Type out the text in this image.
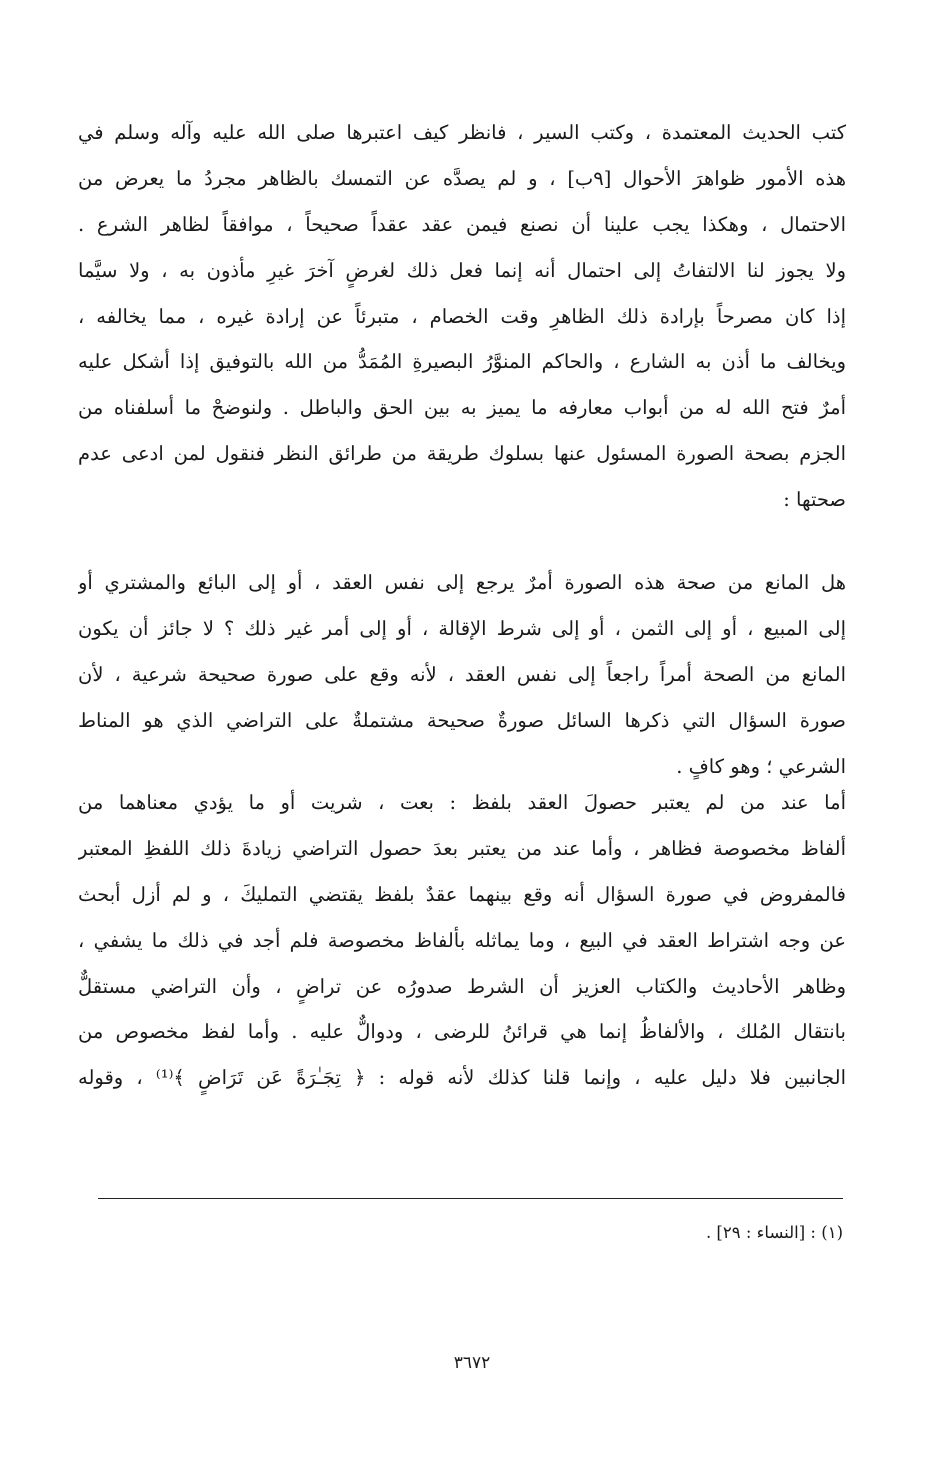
كتب الحديث المعتمدة ، وكتب السير ، فانظر كيف اعتبرها صلى الله عليه وآله وسلم في
هذه الأمور ظواهرَ الأحوال [٩ب] ، و لم يصدَّه عن التمسك بالظاهر مجردُ ما يعرض من
الاحتمال ، وهكذا يجب علينا أن نصنع فيمن عقد عقداً صحيحاً ، موافقاً لظاهر الشرع .
ولا يجوز لنا الالتفاتُ إلى احتمال أنه إنما فعل ذلك لغرضٍ آخرَ غيرِ مأذون به ، ولا سيَّما
إذا كان مصرحاً بإرادة ذلك الظاهرِ وقت الخصام ، متبرئاً عن إرادة غيره ، مما يخالفه ،
ويخالف ما أذن به الشارع ، والحاكم المنوَّرُ البصيرةِ المُمَدُّ من الله بالتوفيق إذا أشكل عليه
أمرٌ فتح الله له من أبواب معارفه ما يميز به بين الحق والباطل . ولنوضحْ ما أسلفناه من
الجزم بصحة الصورة المسئول عنها بسلوك طريقة من طرائق النظر فنقول لمن ادعى عدم
صحتها :
هل المانع من صحة هذه الصورة أمرٌ يرجع إلى نفس العقد ، أو إلى البائع والمشتري أو
إلى المبيع ، أو إلى الثمن ، أو إلى شرط الإقالة ، أو إلى أمر غير ذلك ؟ لا جائز أن يكون
المانع من الصحة أمراً راجعاً إلى نفس العقد ، لأنه وقع على صورة صحيحة شرعية ، لأن
صورة السؤال التي ذكرها السائل صورةٌ صحيحة مشتملةٌ على التراضي الذي هو المناط
الشرعي ؛ وهو كافٍ .
أما عند من لم يعتبر حصولَ العقد بلفظ : بعت ، شريت أو ما يؤدي معناهما من
ألفاظ مخصوصة فظاهر ، وأما عند من يعتبر بعدَ حصول التراضي زيادةَ ذلك اللفظِ المعتبر
فالمفروض في صورة السؤال أنه وقع بينهما عقدٌ بلفظ يقتضي التمليكَ ، و لم أزل أبحث
عن وجه اشتراط العقد في البيع ، وما يماثله بألفاظ مخصوصة فلم أجد في ذلك ما يشفي ،
وظاهر الأحاديث والكتاب العزيز أن الشرط صدورُه عن تراضٍ ، وأن التراضي مستقلٌّ
بانتقال المُلك ، والألفاظُ إنما هي قرائنُ للرضى ، ودوالٌّ عليه . وأما لفظ مخصوص من
الجانبين فلا دليل عليه ، وإنما قلنا كذلك لأنه قوله : ﴿ تِجَـٰرَةً عَن تَرَاضٍ ﴾⁽¹⁾ ، وقوله
(١) : [النساء : ٢٩] .
٣٦٧٢
